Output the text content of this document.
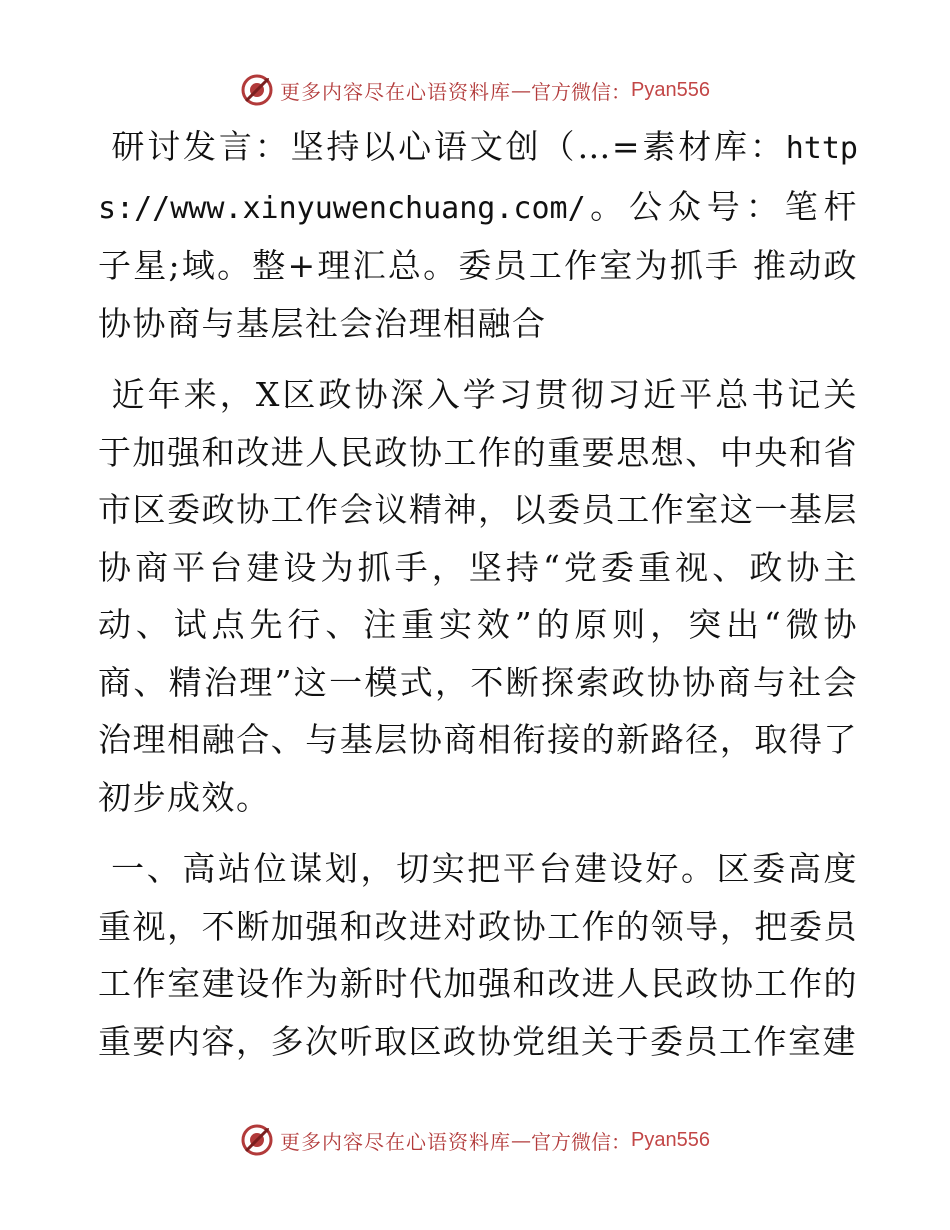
更多内容尽在心语资料库 — 官方微信： Pyan556

研讨发言：坚持以心语文创（…=素材库：https://www.xinyuwenchuang.com/。公众号：笔杆子星;域。整+理汇总。委员工作室为抓手 推动政协协商与基层社会治理相融合

近年来，X区政协深入学习贯彻习近平总书记关于加强和改进人民政协工作的重要思想、中央和省市区委政协工作会议精神，以委员工作室这一基层协商平台建设为抓手，坚持“党委重视、政协主动、试点先行、注重实效”的原则，突出“微协商、精治理”这一模式，不断探索政协协商与社会治理相融合、与基层协商相衔接的新路径，取得了初步成效。

一、高站位谋划，切实把平台建设好。区委高度重视，不断加强和改进对政协工作的领导，把委员工作室建设作为新时代加强和改进人民政协工作的重要内容，多次听取区政协党组关于委员工作室建

更多内容尽在心语资料库 — 官方微信： Pyan556
